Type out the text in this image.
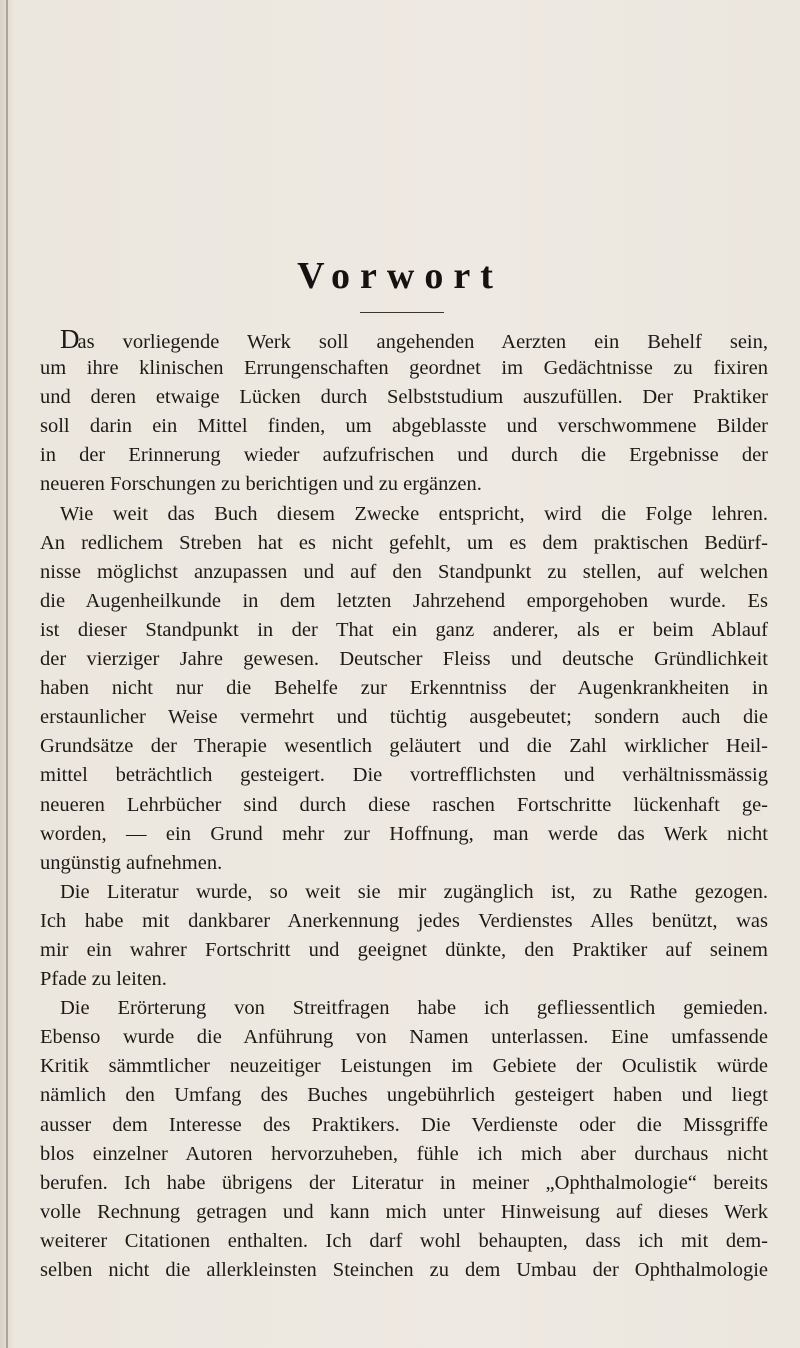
Vorwort
Das vorliegende Werk soll angehenden Aerzten ein Behelf sein,
um ihre klinischen Errungenschaften geordnet im Gedächtnisse zu fixiren
und deren etwaige Lücken durch Selbststudium auszufüllen. Der Praktiker
soll darin ein Mittel finden, um abgeblasste und verschwommene Bilder
in der Erinnerung wieder aufzufrischen und durch die Ergebnisse der
neueren Forschungen zu berichtigen und zu ergänzen.
Wie weit das Buch diesem Zwecke entspricht, wird die Folge lehren.
An redlichem Streben hat es nicht gefehlt, um es dem praktischen Bedürf-
nisse möglichst anzupassen und auf den Standpunkt zu stellen, auf welchen
die Augenheilkunde in dem letzten Jahrzehend emporgehoben wurde. Es
ist dieser Standpunkt in der That ein ganz anderer, als er beim Ablauf
der vierziger Jahre gewesen. Deutscher Fleiss und deutsche Gründlichkeit
haben nicht nur die Behelfe zur Erkenntniss der Augenkrankheiten in
erstaunlicher Weise vermehrt und tüchtig ausgebeutet; sondern auch die
Grundsätze der Therapie wesentlich geläutert und die Zahl wirklicher Heil-
mittel beträchtlich gesteigert. Die vortrefflichsten und verhältnissmässig
neueren Lehrbücher sind durch diese raschen Fortschritte lückenhaft ge-
worden, — ein Grund mehr zur Hoffnung, man werde das Werk nicht
ungünstig aufnehmen.
Die Literatur wurde, so weit sie mir zugänglich ist, zu Rathe gezogen.
Ich habe mit dankbarer Anerkennung jedes Verdienstes Alles benützt, was
mir ein wahrer Fortschritt und geeignet dünkte, den Praktiker auf seinem
Pfade zu leiten.
Die Erörterung von Streitfragen habe ich gefliessentlich gemieden.
Ebenso wurde die Anführung von Namen unterlassen. Eine umfassende
Kritik sämmtlicher neuzeitiger Leistungen im Gebiete der Oculistik würde
nämlich den Umfang des Buches ungebührlich gesteigert haben und liegt
ausser dem Interesse des Praktikers. Die Verdienste oder die Missgriffe
blos einzelner Autoren hervorzuheben, fühle ich mich aber durchaus nicht
berufen. Ich habe übrigens der Literatur in meiner „Ophthalmologie“ bereits
volle Rechnung getragen und kann mich unter Hinweisung auf dieses Werk
weiterer Citationen enthalten. Ich darf wohl behaupten, dass ich mit dem-
selben nicht die allerkleinsten Steinchen zu dem Umbau der Ophthalmologie
